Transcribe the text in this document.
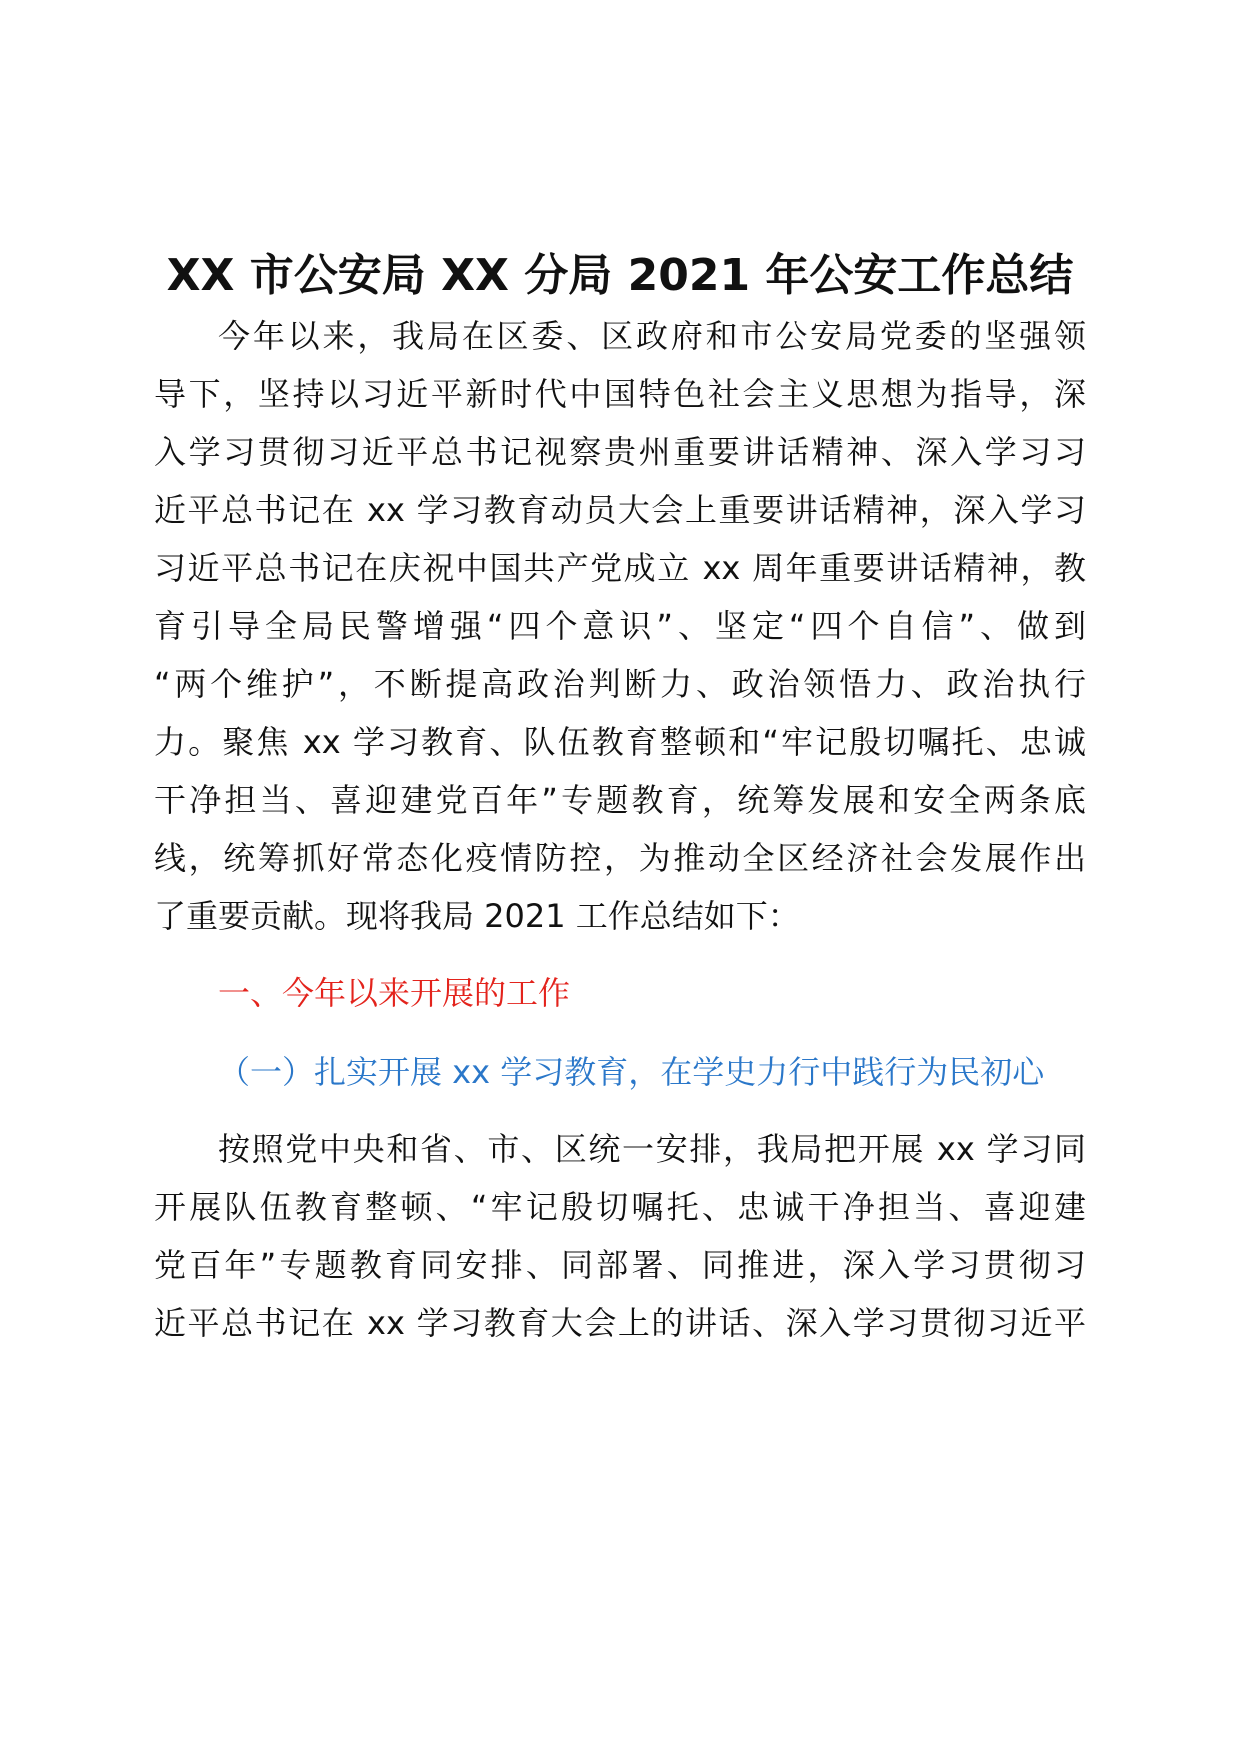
XX 市公安局 XX 分局 2021 年公安工作总结

今年以来，我局在区委、区政府和市公安局党委的坚强领

导下，坚持以习近平新时代中国特色社会主义思想为指导，深

入学习贯彻习近平总书记视察贵州重要讲话精神、深入学习习

近平总书记在 xx 学习教育动员大会上重要讲话精神，深入学习

习近平总书记在庆祝中国共产党成立 xx 周年重要讲话精神，教

育引导全局民警增强“四个意识”、坚定“四个自信”、做到

“两个维护”，不断提高政治判断力、政治领悟力、政治执行

力。聚焦 xx 学习教育、队伍教育整顿和“牢记殷切嘱托、忠诚

干净担当、喜迎建党百年”专题教育，统筹发展和安全两条底

线，统筹抓好常态化疫情防控，为推动全区经济社会发展作出

了重要贡献。现将我局 2021 工作总结如下：

一、今年以来开展的工作

（一）扎实开展 xx 学习教育，在学史力行中践行为民初心

按照党中央和省、市、区统一安排，我局把开展 xx 学习同

开展队伍教育整顿、“牢记殷切嘱托、忠诚干净担当、喜迎建

党百年”专题教育同安排、同部署、同推进，深入学习贯彻习

近平总书记在 xx 学习教育大会上的讲话、深入学习贯彻习近平
